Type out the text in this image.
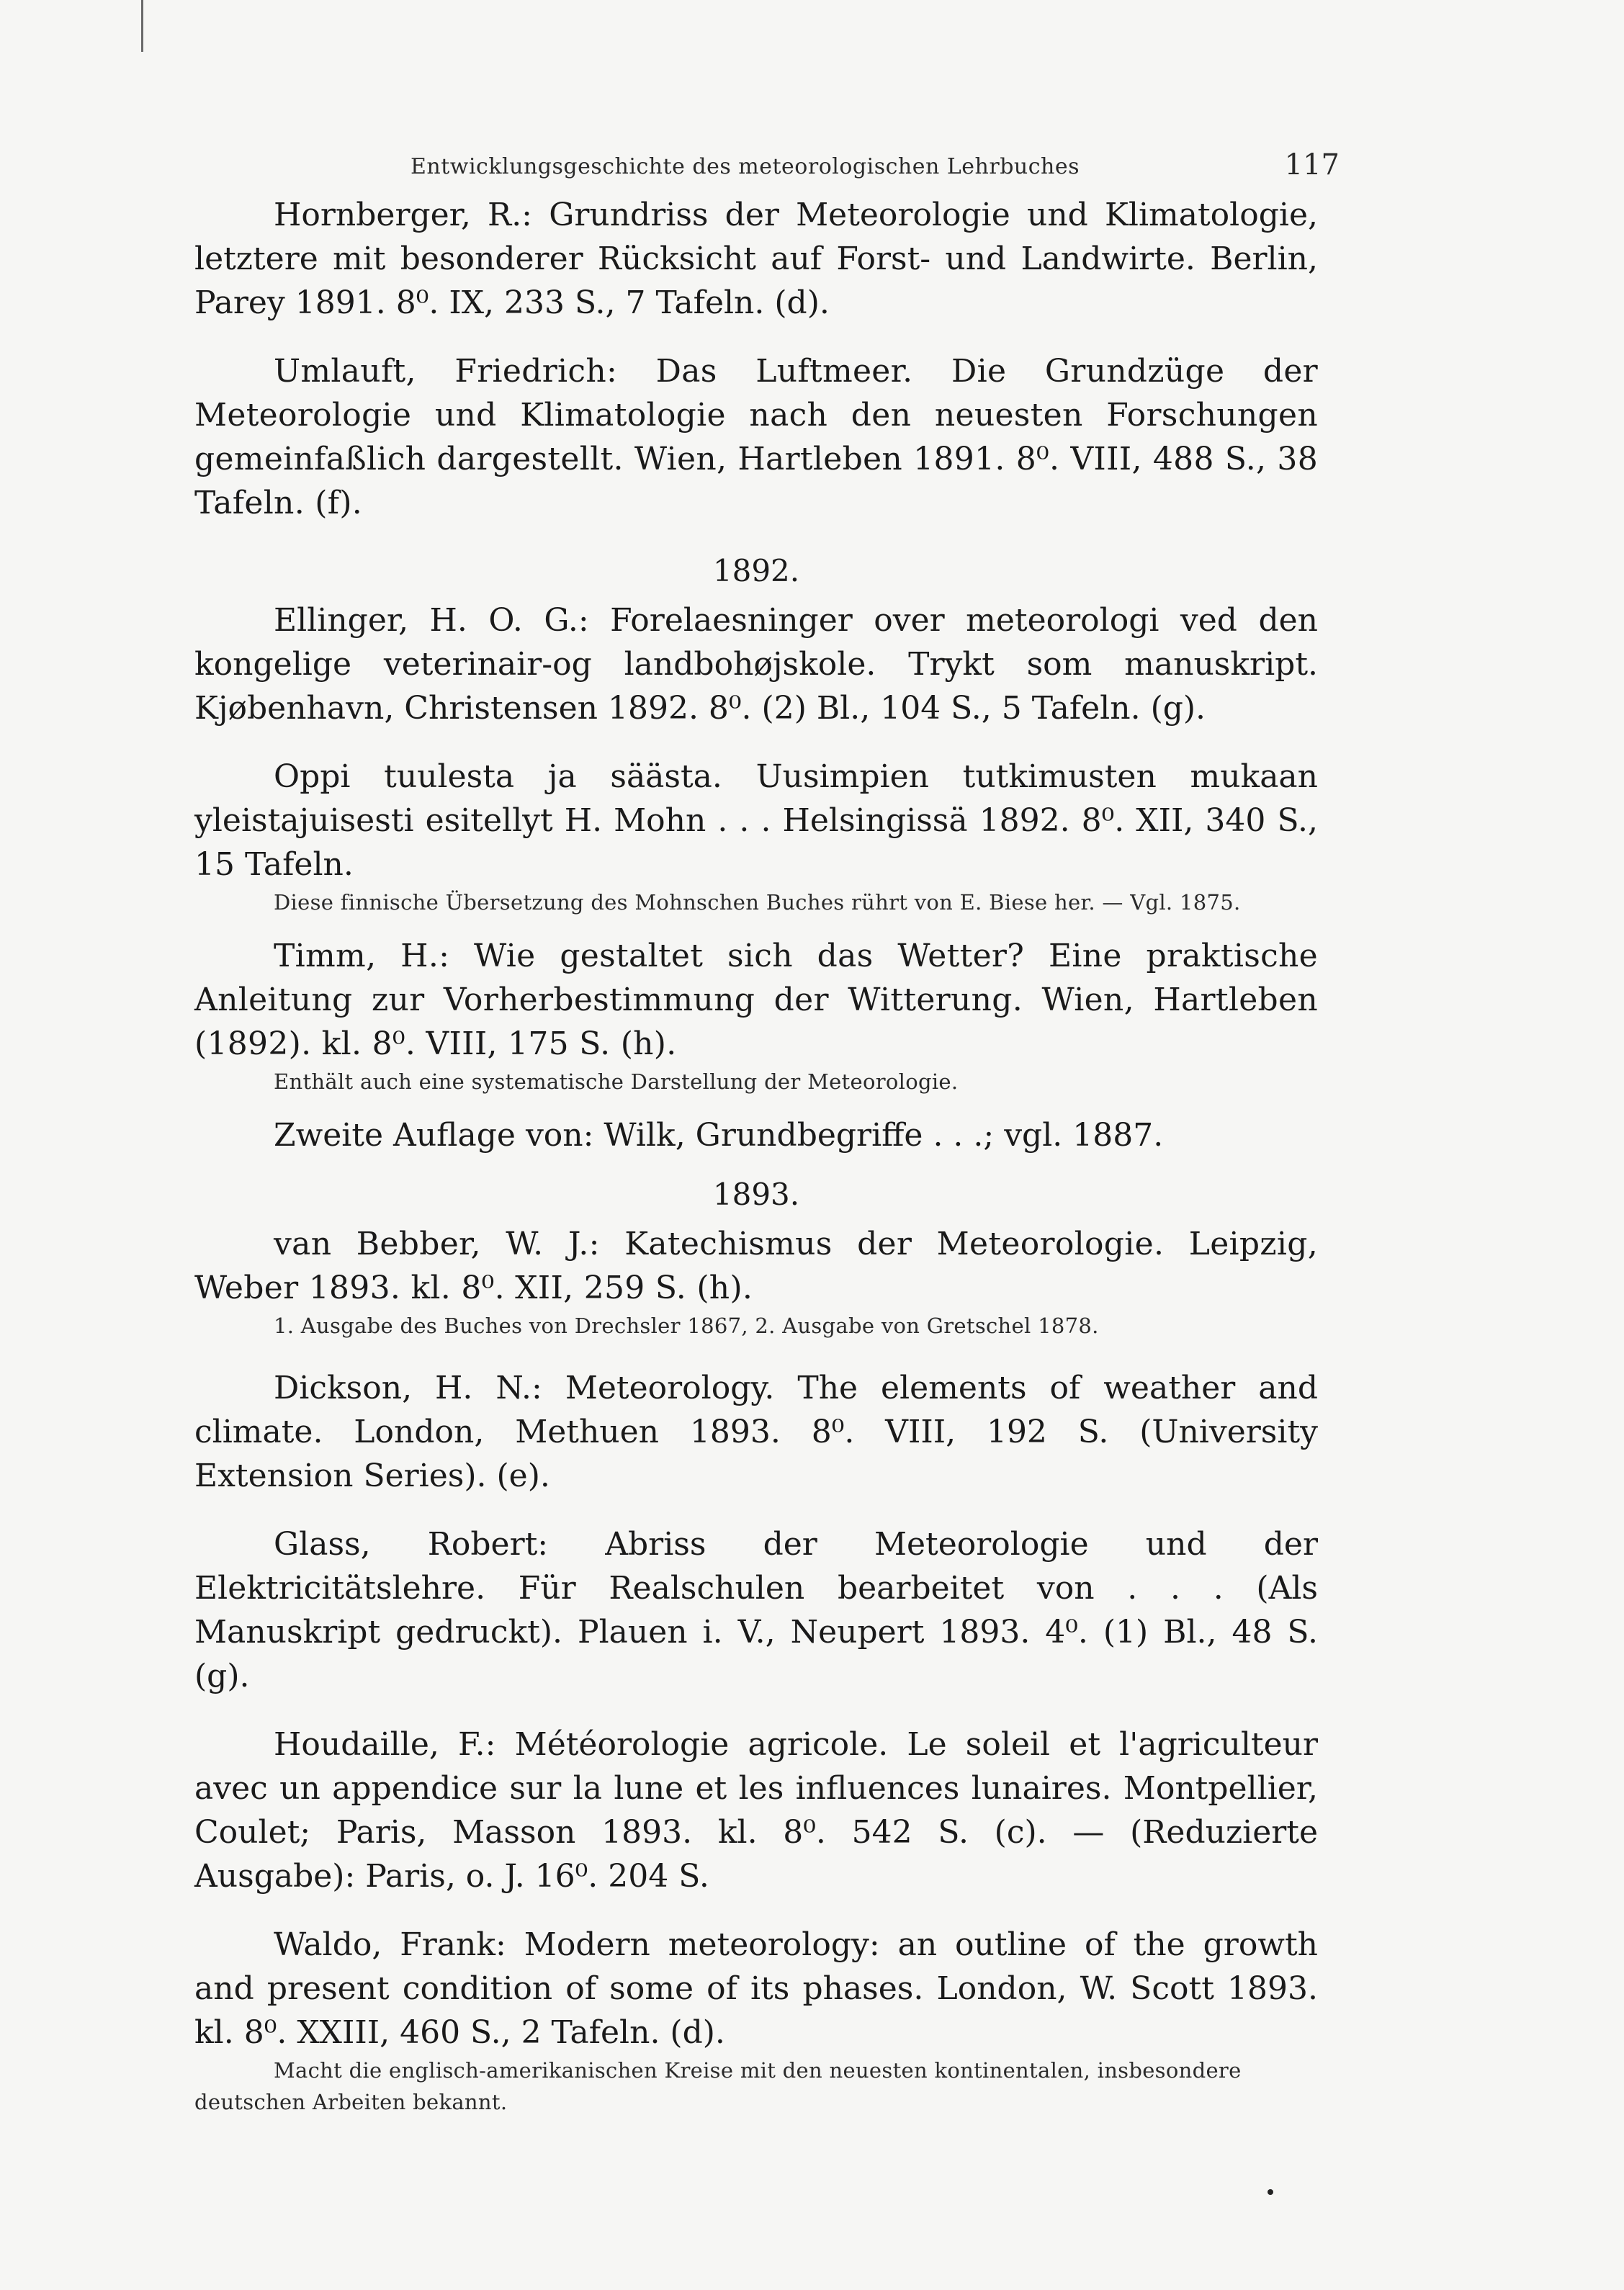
Entwicklungsgeschichte des meteorologischen Lehrbuches	117

Hornberger, R.: Grundriss der Meteorologie und Klimatologie, letztere mit besonderer Rücksicht auf Forst- und Landwirte. Berlin, Parey 1891. 8⁰. IX, 233 S., 7 Tafeln. (d).

Umlauft, Friedrich: Das Luftmeer. Die Grundzüge der Meteorologie und Klimatologie nach den neuesten Forschungen gemeinfaßlich dargestellt. Wien, Hartleben 1891. 8⁰. VIII, 488 S., 38 Tafeln. (f).

1892.

Ellinger, H. O. G.: Forelaesninger over meteorologi ved den kongelige veterinair-og landbohøjskole. Trykt som manuskript. Kjøbenhavn, Christensen 1892. 8⁰. (2) Bl., 104 S., 5 Tafeln. (g).

Oppi tuulesta ja säästa. Uusimpien tutkimusten mukaan yleistajuisesti esitellyt H. Mohn . . . Helsingissä 1892. 8⁰. XII, 340 S., 15 Tafeln.

Diese finnische Übersetzung des Mohnschen Buches rührt von E. Biese her. — Vgl. 1875.

Timm, H.: Wie gestaltet sich das Wetter? Eine praktische Anleitung zur Vorherbestimmung der Witterung. Wien, Hartleben (1892). kl. 8⁰. VIII, 175 S. (h).

Enthält auch eine systematische Darstellung der Meteorologie.

Zweite Auflage von: Wilk, Grundbegriffe . . .; vgl. 1887.

1893.

van Bebber, W. J.: Katechismus der Meteorologie. Leipzig, Weber 1893. kl. 8⁰. XII, 259 S. (h).

1. Ausgabe des Buches von Drechsler 1867, 2. Ausgabe von Gretschel 1878.

Dickson, H. N.: Meteorology. The elements of weather and climate. London, Methuen 1893. 8⁰. VIII, 192 S. (University Extension Series). (e).

Glass, Robert: Abriss der Meteorologie und der Elektricitätslehre. Für Realschulen bearbeitet von . . . (Als Manuskript gedruckt). Plauen i. V., Neupert 1893. 4⁰. (1) Bl., 48 S. (g).

Houdaille, F.: Météorologie agricole. Le soleil et l'agriculteur avec un appendice sur la lune et les influences lunaires. Montpellier, Coulet; Paris, Masson 1893. kl. 8⁰. 542 S. (c). — (Reduzierte Ausgabe): Paris, o. J. 16⁰. 204 S.

Waldo, Frank: Modern meteorology: an outline of the growth and present condition of some of its phases. London, W. Scott 1893. kl. 8⁰. XXIII, 460 S., 2 Tafeln. (d).

Macht die englisch-amerikanischen Kreise mit den neuesten kontinentalen, insbesondere deutschen Arbeiten bekannt.
